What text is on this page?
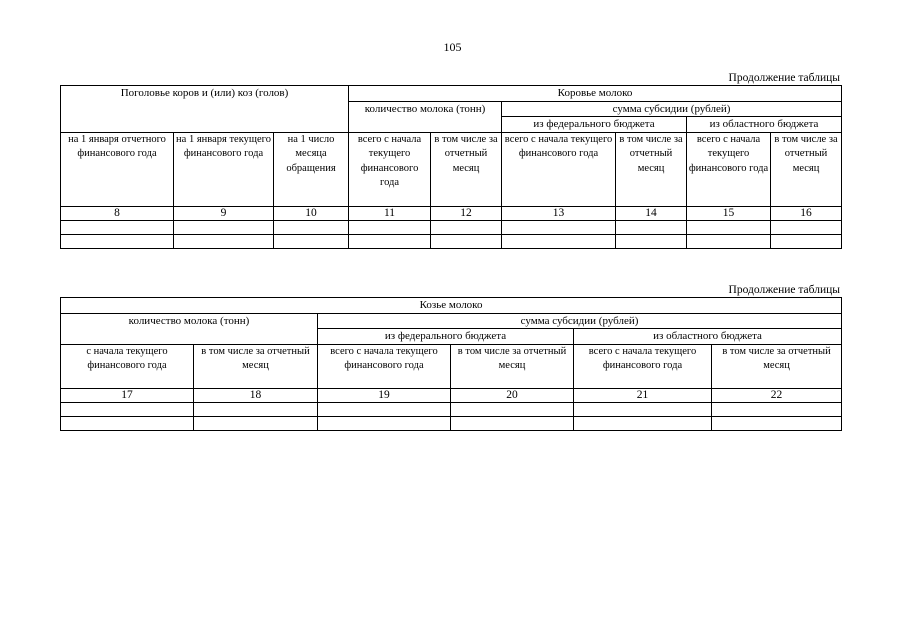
105
Продолжение таблицы
Поголовье коров и (или) коз (голов)			Коровье молоко					
			количество молока (тонн)		сумма субсидии (рублей)			
					из федерального бюджета		из областного бюджета	
на 1 января отчетного финансового года	на 1 января текущего финансового года	на 1 число месяца обращения	всего с начала текущего финансового года	в том числе за отчетный месяц	всего с начала текущего финансового года	в том числе за отчетный месяц	всего с начала текущего финансового года	в том числе за отчетный месяц
8	9	10	11	12	13	14	15	16

Продолжение таблицы
Козье молоко					
количество молока (тонн)		сумма субсидии (рублей)			
		из федерального бюджета		из областного бюджета	
с начала текущего финансового года	в том числе за отчетный месяц	всего с начала текущего финансового года	в том числе за отчетный месяц	всего с начала текущего финансового года	в том числе за отчетный месяц
17	18	19	20	21	22
